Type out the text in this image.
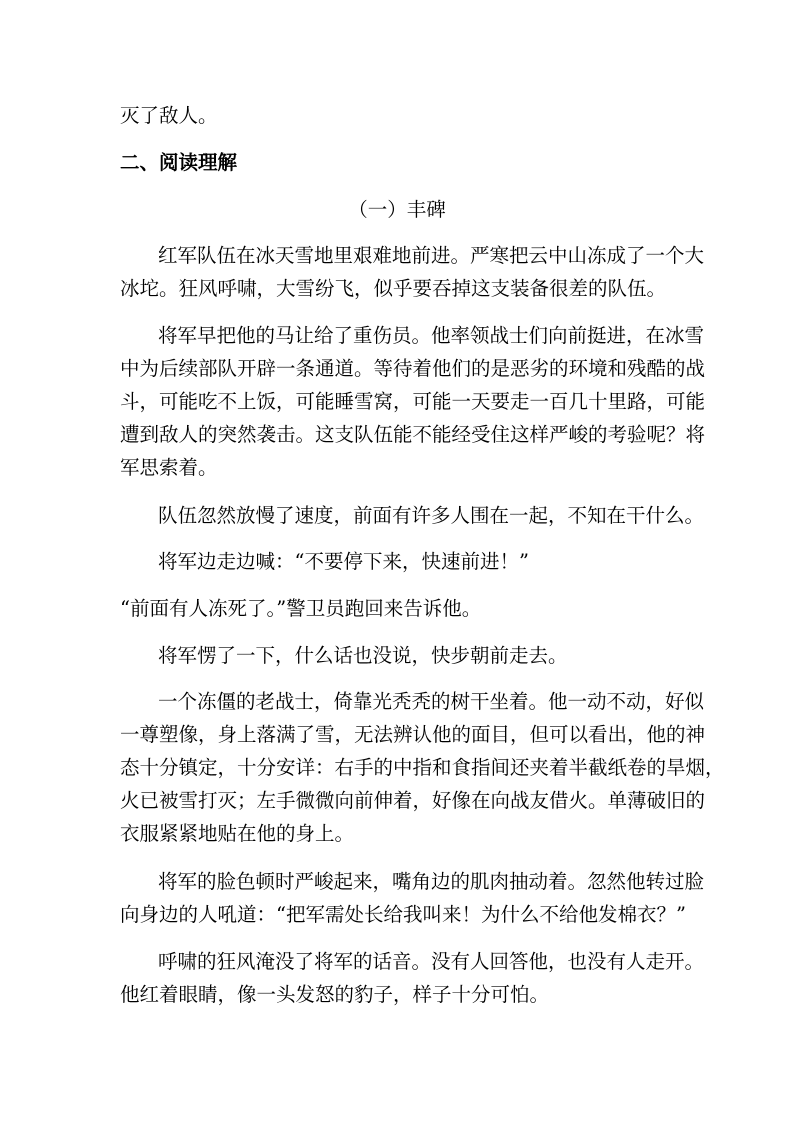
灭了敌人。
二、阅读理解
（一）丰碑
红军队伍在冰天雪地里艰难地前进。严寒把云中山冻成了一个大
冰坨。狂风呼啸，大雪纷飞，似乎要吞掉这支装备很差的队伍。
将军早把他的马让给了重伤员。他率领战士们向前挺进，在冰雪
中为后续部队开辟一条通道。等待着他们的是恶劣的环境和残酷的战
斗，可能吃不上饭，可能睡雪窝，可能一天要走一百几十里路，可能
遭到敌人的突然袭击。这支队伍能不能经受住这样严峻的考验呢？将
军思索着。
队伍忽然放慢了速度，前面有许多人围在一起，不知在干什么。
将军边走边喊：“不要停下来，快速前进！”
“前面有人冻死了。”警卫员跑回来告诉他。
将军愣了一下，什么话也没说，快步朝前走去。
一个冻僵的老战士，倚靠光秃秃的树干坐着。他一动不动，好似
一尊塑像，身上落满了雪，无法辨认他的面目，但可以看出，他的神
态十分镇定，十分安详：右手的中指和食指间还夹着半截纸卷的旱烟，
火已被雪打灭；左手微微向前伸着，好像在向战友借火。单薄破旧的
衣服紧紧地贴在他的身上。
将军的脸色顿时严峻起来，嘴角边的肌肉抽动着。忽然他转过脸
向身边的人吼道：“把军需处长给我叫来！为什么不给他发棉衣？”
呼啸的狂风淹没了将军的话音。没有人回答他，也没有人走开。
他红着眼睛，像一头发怒的豹子，样子十分可怕。
